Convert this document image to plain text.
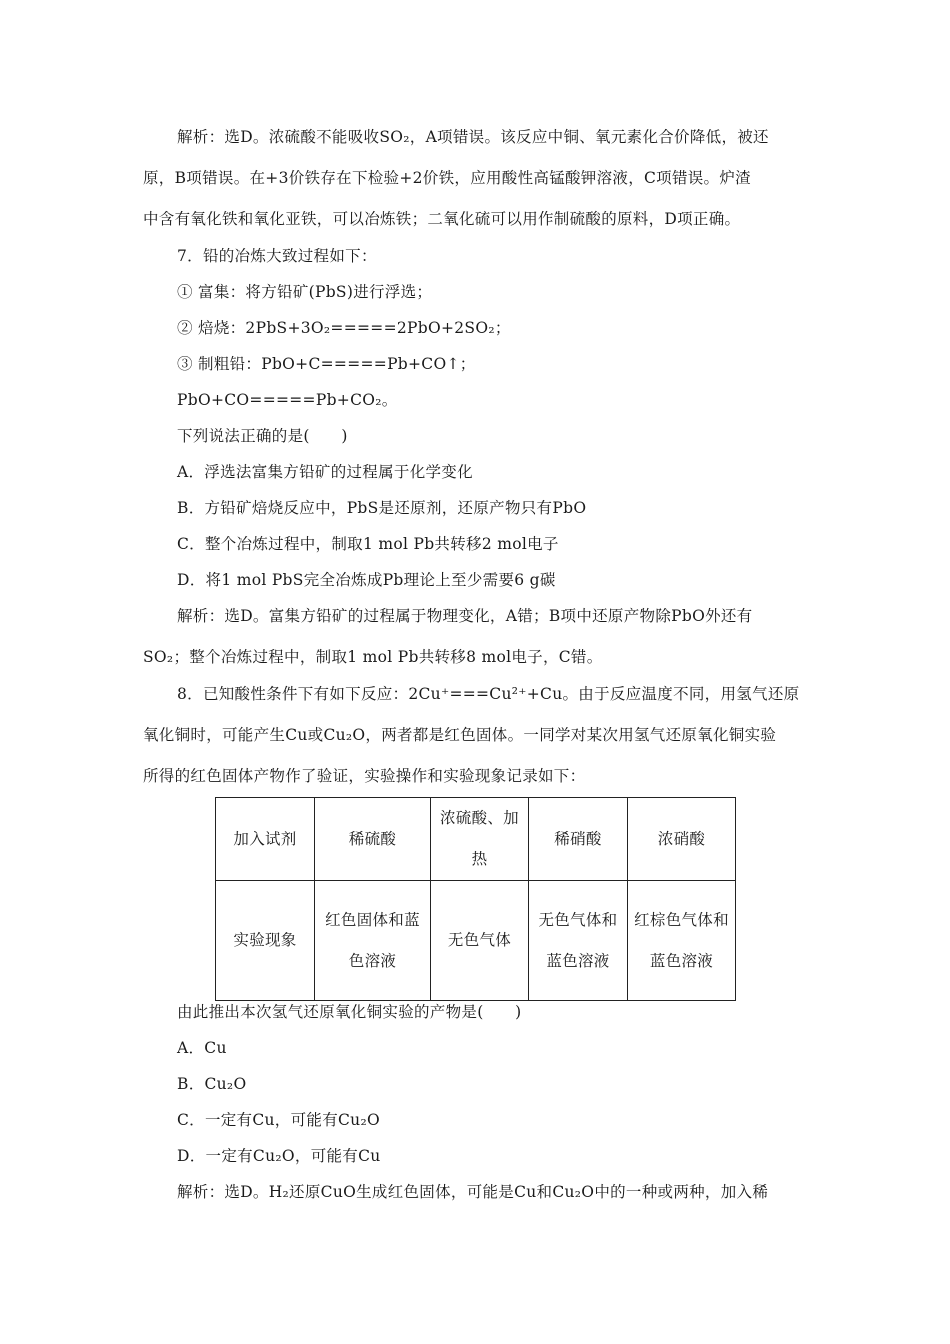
解析：选D。浓硫酸不能吸收SO₂，A项错误。该反应中铜、氧元素化合价降低，被还
原，B项错误。在+3价铁存在下检验+2价铁，应用酸性高锰酸钾溶液，C项错误。炉渣
中含有氧化铁和氧化亚铁，可以冶炼铁；二氧化硫可以用作制硫酸的原料，D项正确。
7．铅的冶炼大致过程如下：
① 富集：将方铅矿(PbS)进行浮选；
② 焙烧：2PbS+3O₂=====2PbO+2SO₂；
③ 制粗铅：PbO+C=====Pb+CO↑；
PbO+CO=====Pb+CO₂。
下列说法正确的是(　　)
A．浮选法富集方铅矿的过程属于化学变化
B．方铅矿焙烧反应中，PbS是还原剂，还原产物只有PbO
C．整个冶炼过程中，制取1 mol Pb共转移2 mol电子
D．将1 mol PbS完全冶炼成Pb理论上至少需要6 g碳
解析：选D。富集方铅矿的过程属于物理变化，A错；B项中还原产物除PbO外还有
SO₂；整个冶炼过程中，制取1 mol Pb共转移8 mol电子，C错。
8．已知酸性条件下有如下反应：2Cu⁺===Cu²⁺+Cu。由于反应温度不同，用氢气还原
氧化铜时，可能产生Cu或Cu₂O，两者都是红色固体。一同学对某次用氢气还原氧化铜实验
所得的红色固体产物作了验证，实验操作和实验现象记录如下：
加入试剂	稀硫酸	浓硫酸、加热	稀硝酸	浓硝酸
实验现象	红色固体和蓝色溶液	无色气体	无色气体和蓝色溶液	红棕色气体和蓝色溶液
由此推出本次氢气还原氧化铜实验的产物是(　　)
A．Cu
B．Cu₂O
C．一定有Cu，可能有Cu₂O
D．一定有Cu₂O，可能有Cu
解析：选D。H₂还原CuO生成红色固体，可能是Cu和Cu₂O中的一种或两种，加入稀
